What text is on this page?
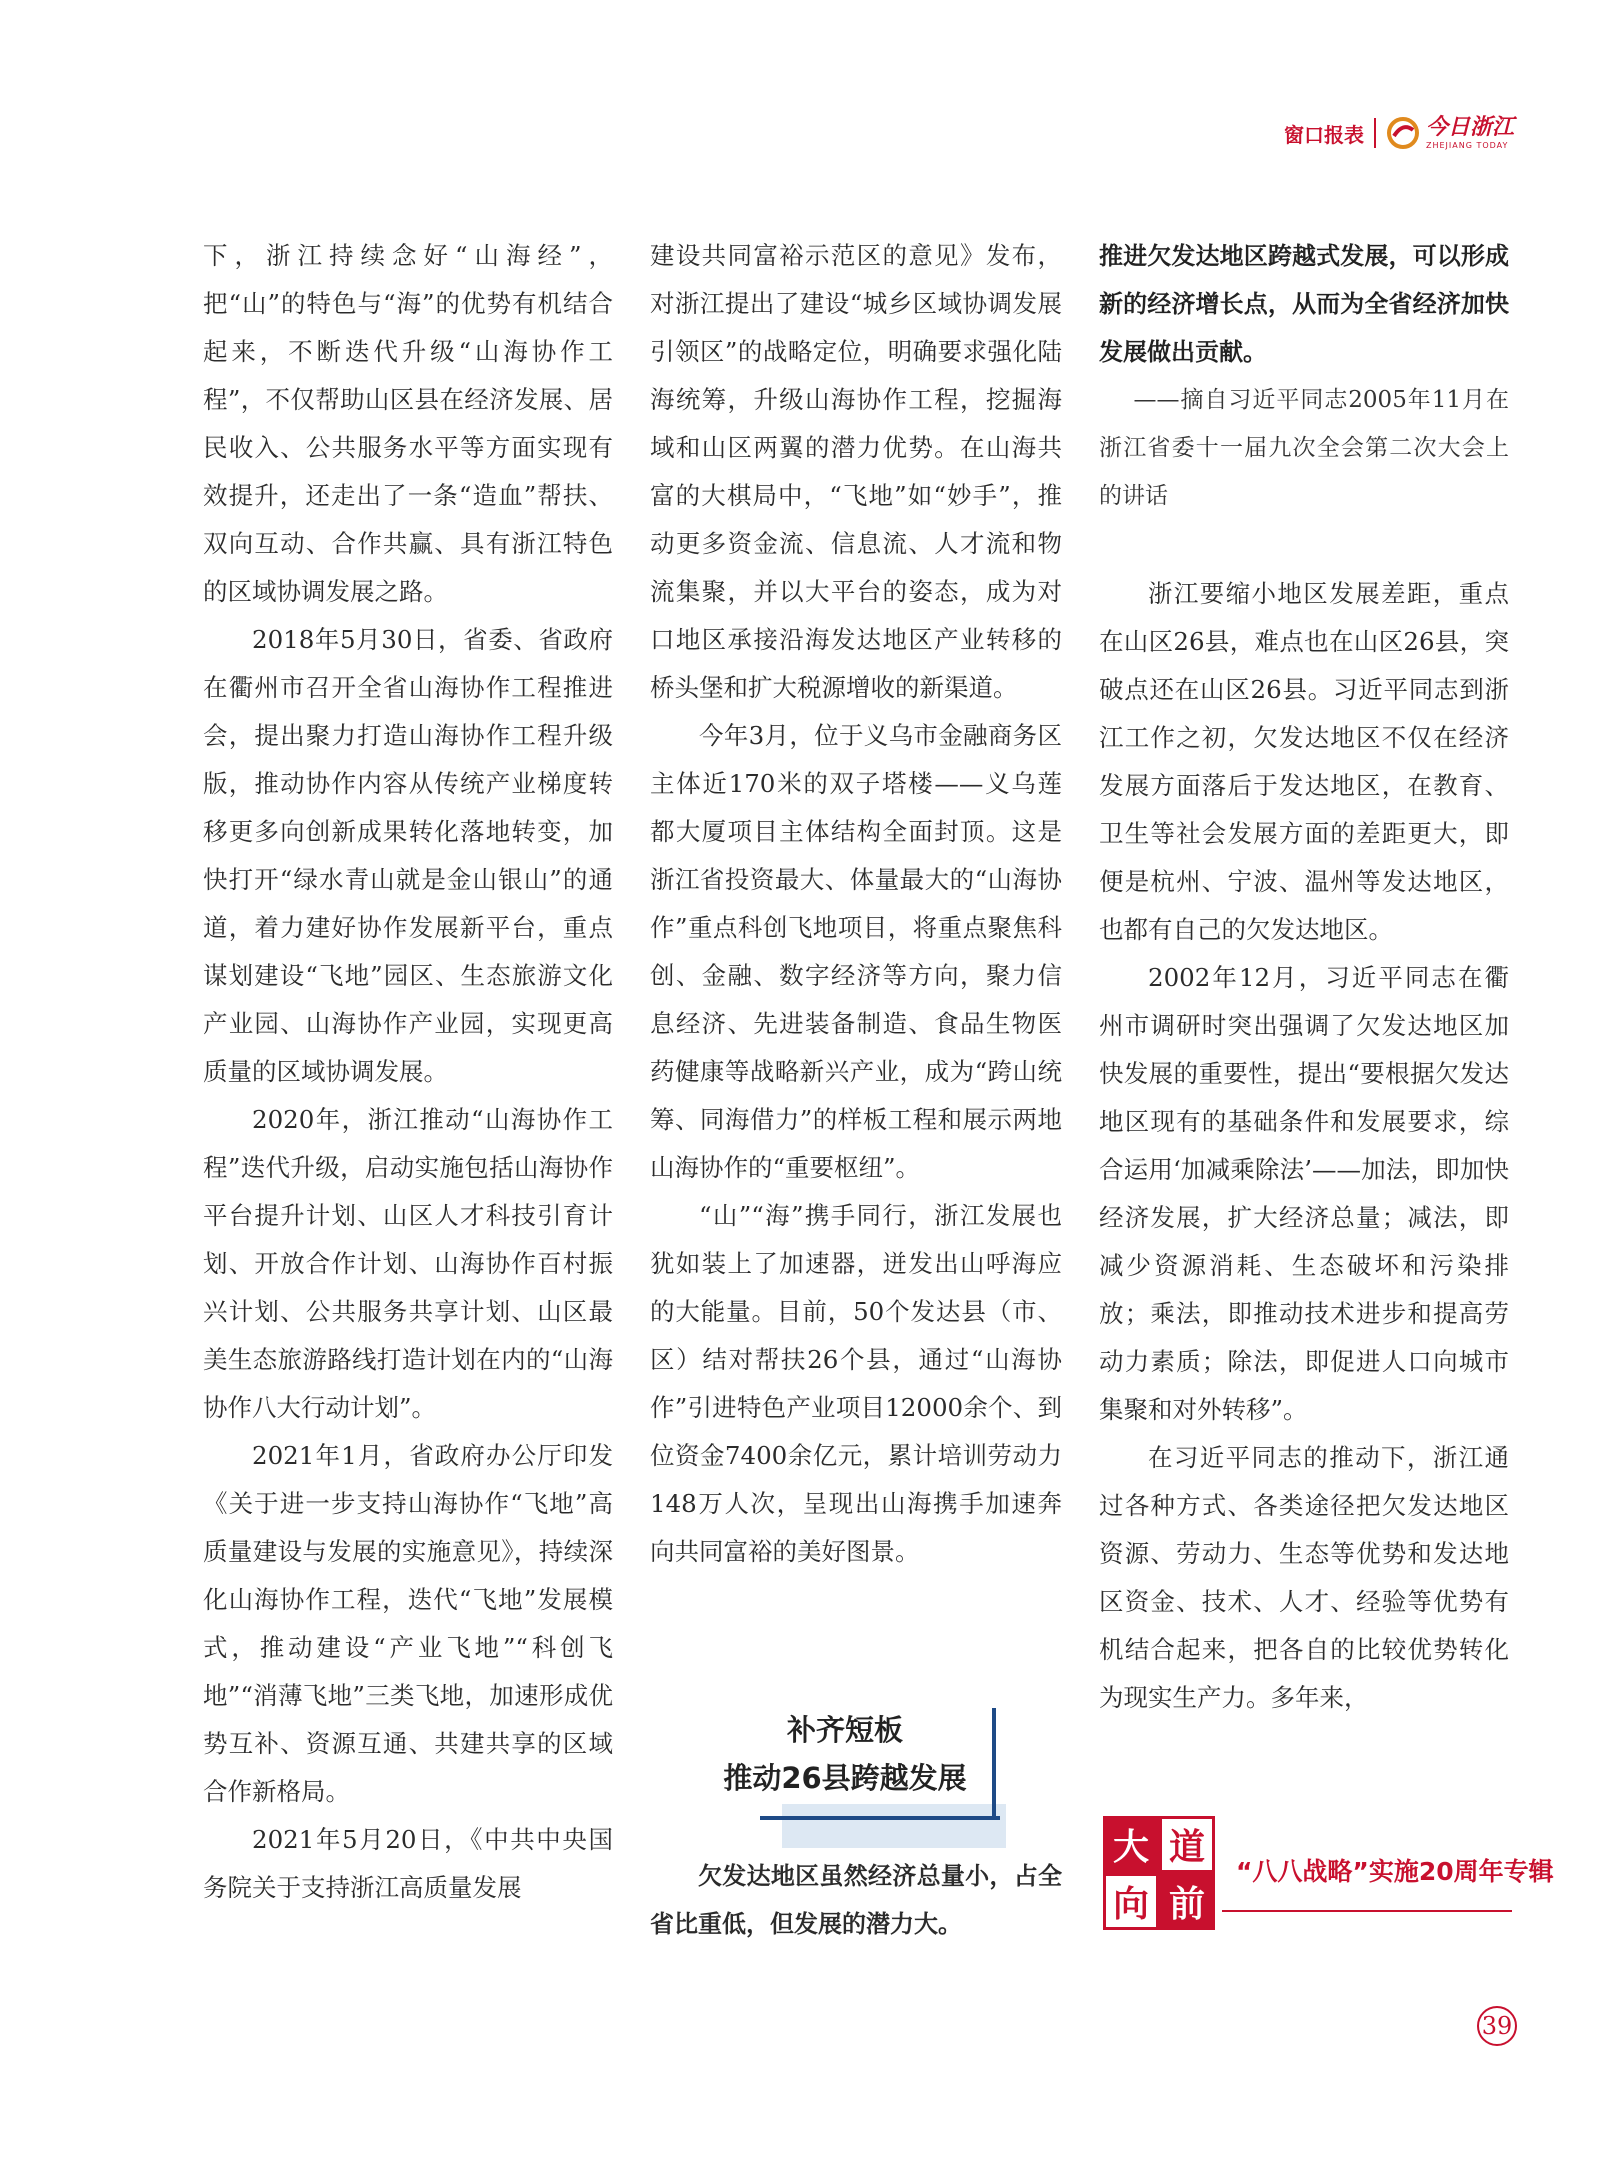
窗口报表	今日浙江
ZHEJIANG TODAY

下，浙江持续念好“山海经”，把“山”的特色与“海”的优势有机结合起来，不断迭代升级“山海协作工程”，不仅帮助山区县在经济发展、居民收入、公共服务水平等方面实现有效提升，还走出了一条“造血”帮扶、双向互动、合作共赢、具有浙江特色的区域协调发展之路。

2018年5月30日，省委、省政府在衢州市召开全省山海协作工程推进会，提出聚力打造山海协作工程升级版，推动协作内容从传统产业梯度转移更多向创新成果转化落地转变，加快打开“绿水青山就是金山银山”的通道，着力建好协作发展新平台，重点谋划建设“飞地”园区、生态旅游文化产业园、山海协作产业园，实现更高质量的区域协调发展。

2020年，浙江推动“山海协作工程”迭代升级，启动实施包括山海协作平台提升计划、山区人才科技引育计划、开放合作计划、山海协作百村振兴计划、公共服务共享计划、山区最美生态旅游路线打造计划在内的“山海协作八大行动计划”。

2021年1月，省政府办公厅印发《关于进一步支持山海协作“飞地”高质量建设与发展的实施意见》，持续深化山海协作工程，迭代“飞地”发展模式，推动建设“产业飞地”“科创飞地”“消薄飞地”三类飞地，加速形成优势互补、资源互通、共建共享的区域合作新格局。

2021年5月20日，《中共中央国务院关于支持浙江高质量发展

建设共同富裕示范区的意见》发布，对浙江提出了建设“城乡区域协调发展引领区”的战略定位，明确要求强化陆海统筹，升级山海协作工程，挖掘海域和山区两翼的潜力优势。在山海共富的大棋局中，“飞地”如“妙手”，推动更多资金流、信息流、人才流和物流集聚，并以大平台的姿态，成为对口地区承接沿海发达地区产业转移的桥头堡和扩大税源增收的新渠道。

今年3月，位于义乌市金融商务区主体近170米的双子塔楼——义乌莲都大厦项目主体结构全面封顶。这是浙江省投资最大、体量最大的“山海协作”重点科创飞地项目，将重点聚焦科创、金融、数字经济等方向，聚力信息经济、先进装备制造、食品生物医药健康等战略新兴产业，成为“跨山统筹、同海借力”的样板工程和展示两地山海协作的“重要枢纽”。

“山”“海”携手同行，浙江发展也犹如装上了加速器，迸发出山呼海应的大能量。目前，50个发达县（市、区）结对帮扶26个县，通过“山海协作”引进特色产业项目12000余个、到位资金7400余亿元，累计培训劳动力148万人次，呈现出山海携手加速奔向共同富裕的美好图景。

补齐短板
推动26县跨越发展

欠发达地区虽然经济总量小，占全省比重低，但发展的潜力大。

推进欠发达地区跨越式发展，可以形成新的经济增长点，从而为全省经济加快发展做出贡献。
——摘自习近平同志2005年11月在浙江省委十一届九次全会第二次大会上的讲话

浙江要缩小地区发展差距，重点在山区26县，难点也在山区26县，突破点还在山区26县。习近平同志到浙江工作之初，欠发达地区不仅在经济发展方面落后于发达地区，在教育、卫生等社会发展方面的差距更大，即便是杭州、宁波、温州等发达地区，也都有自己的欠发达地区。

2002年12月，习近平同志在衢州市调研时突出强调了欠发达地区加快发展的重要性，提出“要根据欠发达地区现有的基础条件和发展要求，综合运用‘加减乘除法’——加法，即加快经济发展，扩大经济总量；减法，即减少资源消耗、生态破坏和污染排放；乘法，即推动技术进步和提高劳动力素质；除法，即促进人口向城市集聚和对外转移”。

在习近平同志的推动下，浙江通过各种方式、各类途径把欠发达地区资源、劳动力、生态等优势和发达地区资金、技术、人才、经验等优势有机结合起来，把各自的比较优势转化为现实生产力。多年来，

大 道
向 前
“八八战略”实施20周年专辑
39
